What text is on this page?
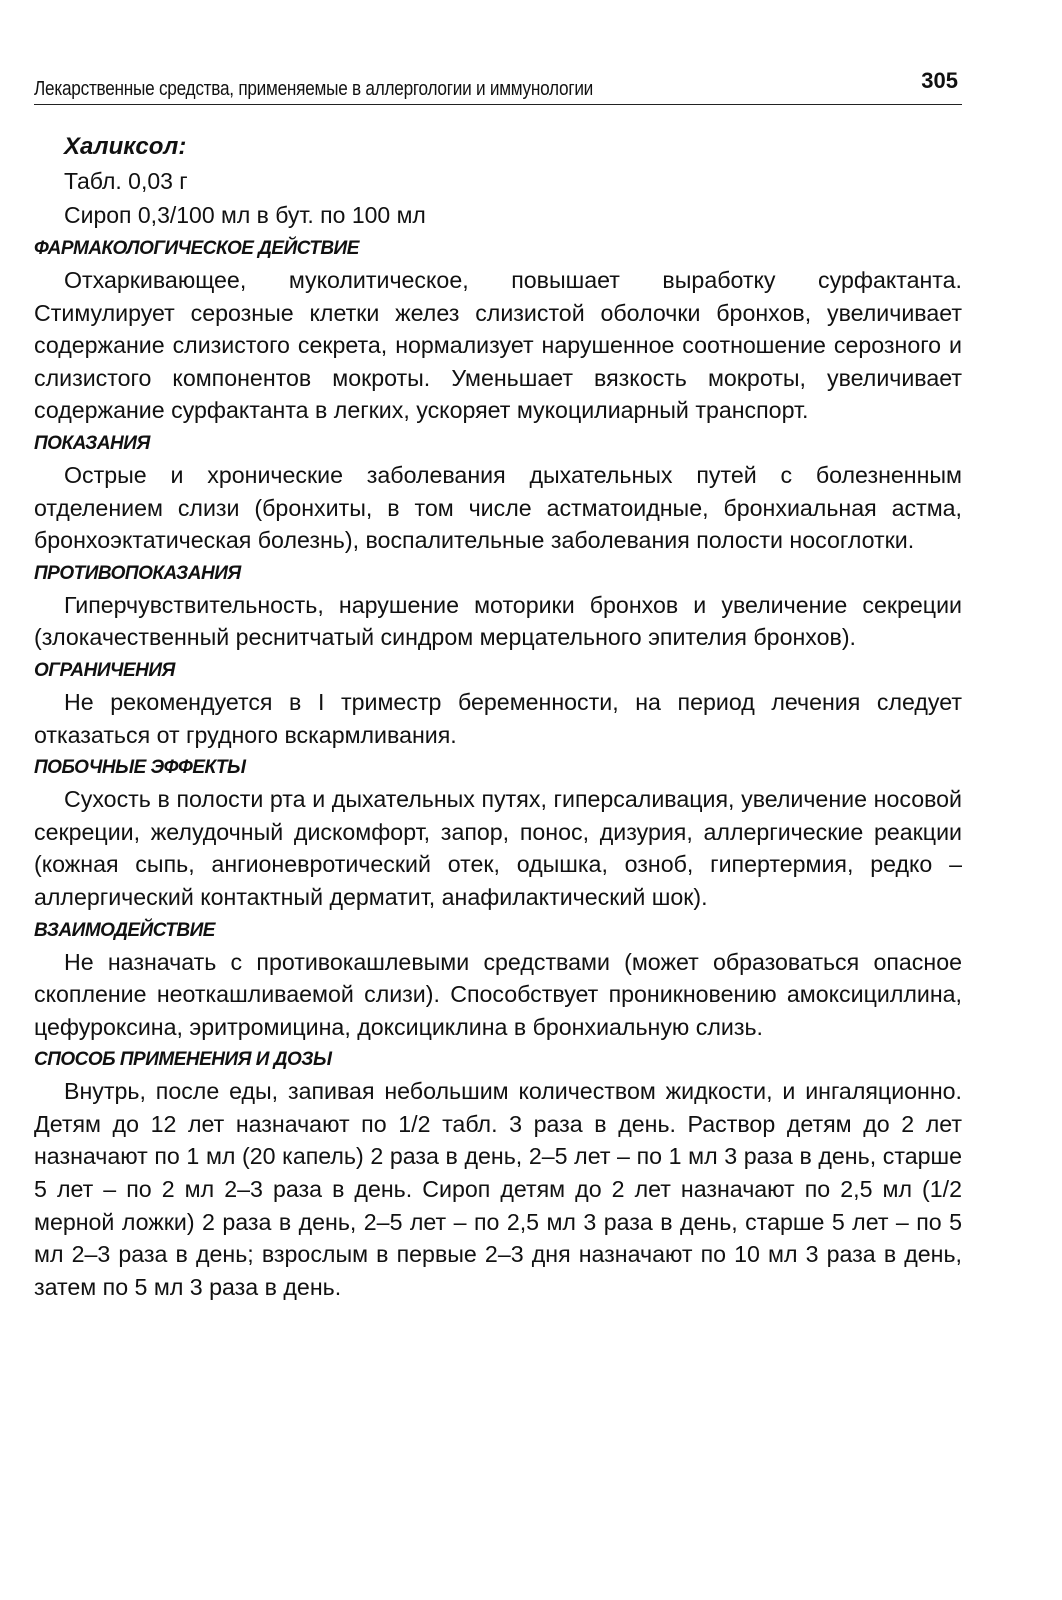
Лекарственные средства, применяемые в аллергологии и иммунологии	305
Халиксол:
Табл. 0,03 г
Сироп 0,3/100 мл в бут. по 100 мл
ФАРМАКОЛОГИЧЕСКОЕ ДЕЙСТВИЕ

Отхаркивающее, муколитическое, повышает выработку сурфактанта. Стимулирует серозные клетки желез слизистой оболочки бронхов, увеличивает содержание слизистого секрета, нормализует нарушенное соотношение серозного и слизистого компонентов мокроты. Уменьшает вязкость мокроты, увеличивает содержание сурфактанта в легких, ускоряет мукоцилиарный транспорт.

ПОКАЗАНИЯ

Острые и хронические заболевания дыхательных путей с болезненным отделением слизи (бронхиты, в том числе астматоидные, бронхиальная астма, бронхоэктатическая болезнь), воспалительные заболевания полости носоглотки.

ПРОТИВОПОКАЗАНИЯ

Гиперчувствительность, нарушение моторики бронхов и увеличение секреции (злокачественный реснитчатый синдром мерцательного эпителия бронхов).

ОГРАНИЧЕНИЯ

Не рекомендуется в I триместр беременности, на период лечения следует отказаться от грудного вскармливания.

ПОБОЧНЫЕ ЭФФЕКТЫ

Сухость в полости рта и дыхательных путях, гиперсаливация, увеличение носовой секреции, желудочный дискомфорт, запор, понос, дизурия, аллергические реакции (кожная сыпь, ангионевротический отек, одышка, озноб, гипертермия, редко – аллергический контактный дерматит, анафилактический шок).

ВЗАИМОДЕЙСТВИЕ

Не назначать с противокашлевыми средствами (может образоваться опасное скопление неоткашливаемой слизи). Способствует проникновению амоксициллина, цефуроксина, эритромицина, доксициклина в бронхиальную слизь.

СПОСОБ ПРИМЕНЕНИЯ И ДОЗЫ

Внутрь, после еды, запивая небольшим количеством жидкости, и ингаляционно. Детям до 12 лет назначают по 1/2 табл. 3 раза в день. Раствор детям до 2 лет назначают по 1 мл (20 капель) 2 раза в день, 2–5 лет – по 1 мл 3 раза в день, старше 5 лет – по 2 мл 2–3 раза в день. Сироп детям до 2 лет назначают по 2,5 мл (1/2 мерной ложки) 2 раза в день, 2–5 лет – по 2,5 мл 3 раза в день, старше 5 лет – по 5 мл 2–3 раза в день; взрослым в первые 2–3 дня назначают по 10 мл 3 раза в день, затем по 5 мл 3 раза в день.
